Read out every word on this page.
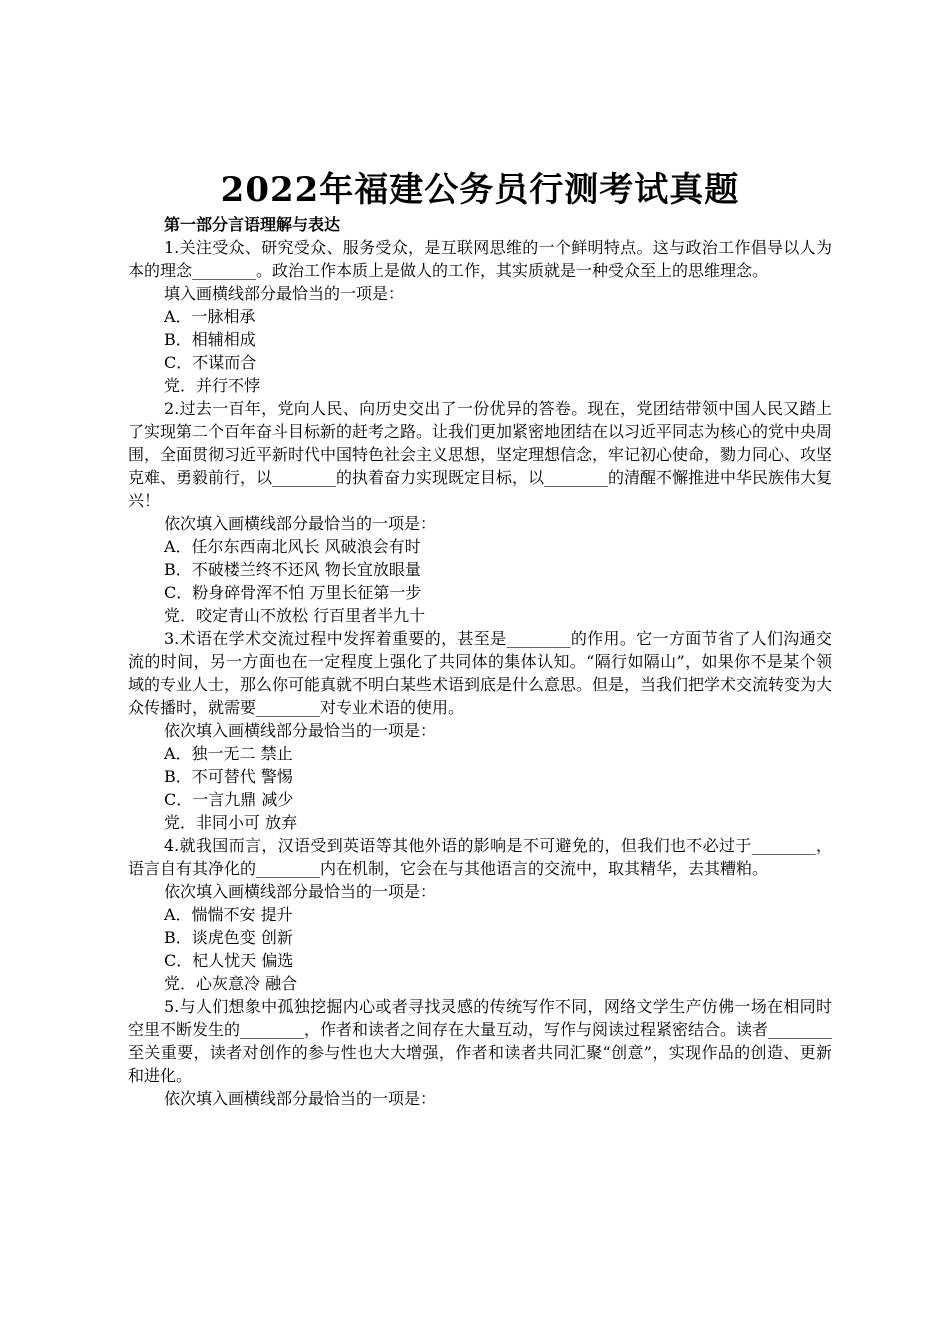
2022年福建公务员行测考试真题

第一部分言语理解与表达

1.关注受众、研究受众、服务受众，是互联网思维的一个鲜明特点。这与政治工作倡导以人为本的理念________。政治工作本质上是做人的工作，其实质就是一种受众至上的思维理念。

填入画横线部分最恰当的一项是：

A．一脉相承

B．相辅相成

C．不谋而合

党．并行不悖

2.过去一百年，党向人民、向历史交出了一份优异的答卷。现在，党团结带领中国人民又踏上了实现第二个百年奋斗目标新的赶考之路。让我们更加紧密地团结在以习近平同志为核心的党中央周围，全面贯彻习近平新时代中国特色社会主义思想，坚定理想信念，牢记初心使命，勠力同心、攻坚克难、勇毅前行，以________的执着奋力实现既定目标，以________的清醒不懈推进中华民族伟大复兴！

依次填入画横线部分最恰当的一项是：

A．任尔东西南北风长 风破浪会有时

B．不破楼兰终不还风 物长宜放眼量

C．粉身碎骨浑不怕 万里长征第一步

党．咬定青山不放松 行百里者半九十

3.术语在学术交流过程中发挥着重要的，甚至是________的作用。它一方面节省了人们沟通交流的时间，另一方面也在一定程度上强化了共同体的集体认知。“隔行如隔山”，如果你不是某个领域的专业人士，那么你可能真就不明白某些术语到底是什么意思。但是，当我们把学术交流转变为大众传播时，就需要________对专业术语的使用。

依次填入画横线部分最恰当的一项是：

A．独一无二 禁止

B．不可替代 警惕

C．一言九鼎 减少

党．非同小可 放弃

4.就我国而言，汉语受到英语等其他外语的影响是不可避免的，但我们也不必过于________，语言自有其净化的________内在机制，它会在与其他语言的交流中，取其精华，去其糟粕。

依次填入画横线部分最恰当的一项是：

A．惴惴不安 提升

B．谈虎色变 创新

C．杞人忧天 偏选

党．心灰意冷 融合

5.与人们想象中孤独挖掘内心或者寻找灵感的传统写作不同，网络文学生产仿佛一场在相同时空里不断发生的________，作者和读者之间存在大量互动，写作与阅读过程紧密结合。读者________至关重要，读者对创作的参与性也大大增强，作者和读者共同汇聚“创意”，实现作品的创造、更新和进化。

依次填入画横线部分最恰当的一项是：
